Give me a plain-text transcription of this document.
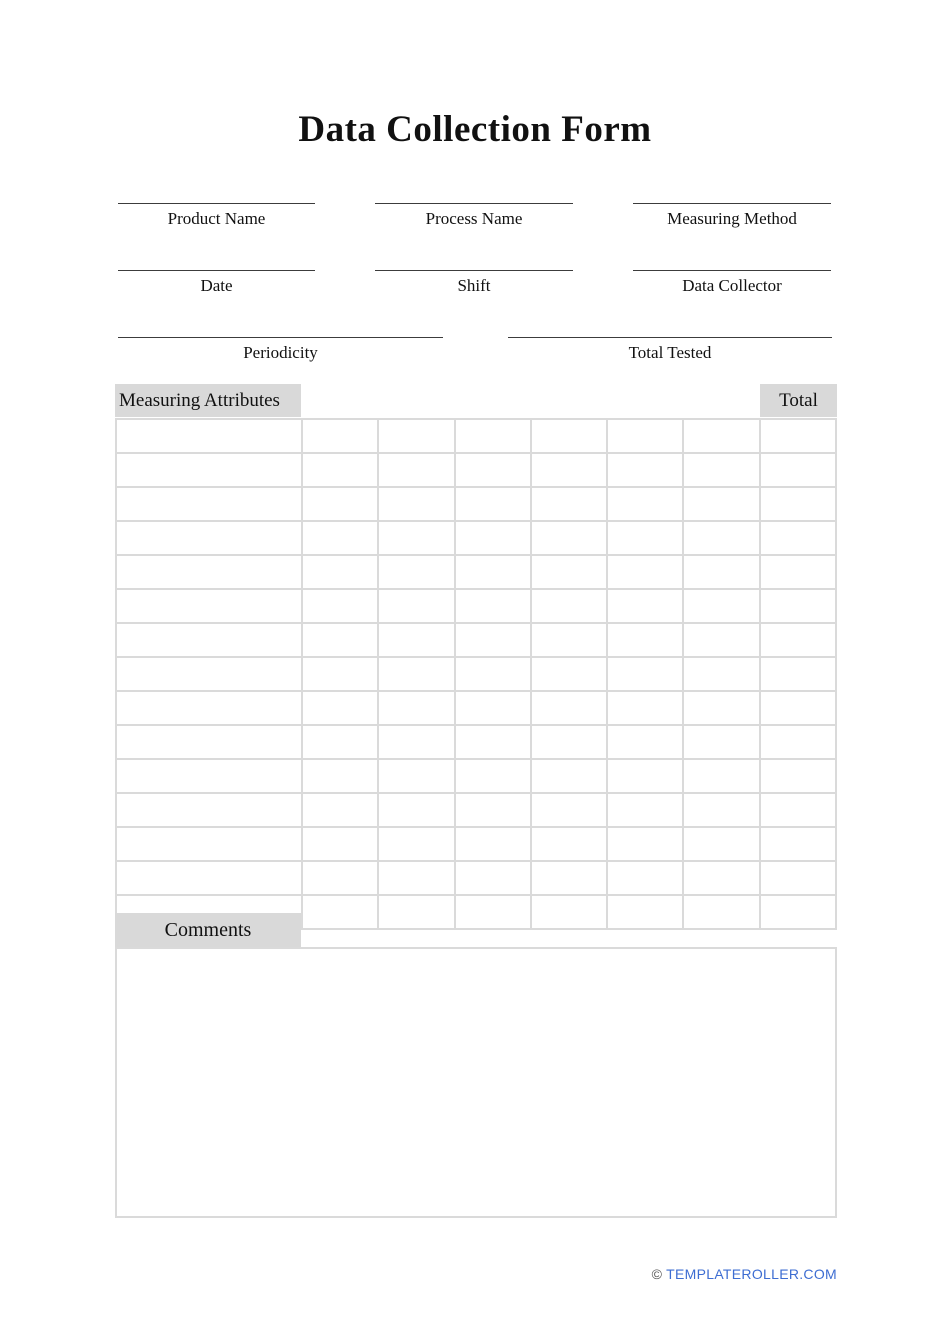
Data Collection Form
Product Name	Process Name	Measuring Method
Date	Shift	Data Collector
Periodicity	Total Tested
Measuring Attributes	Total

Comments
© TEMPLATEROLLER.COM
